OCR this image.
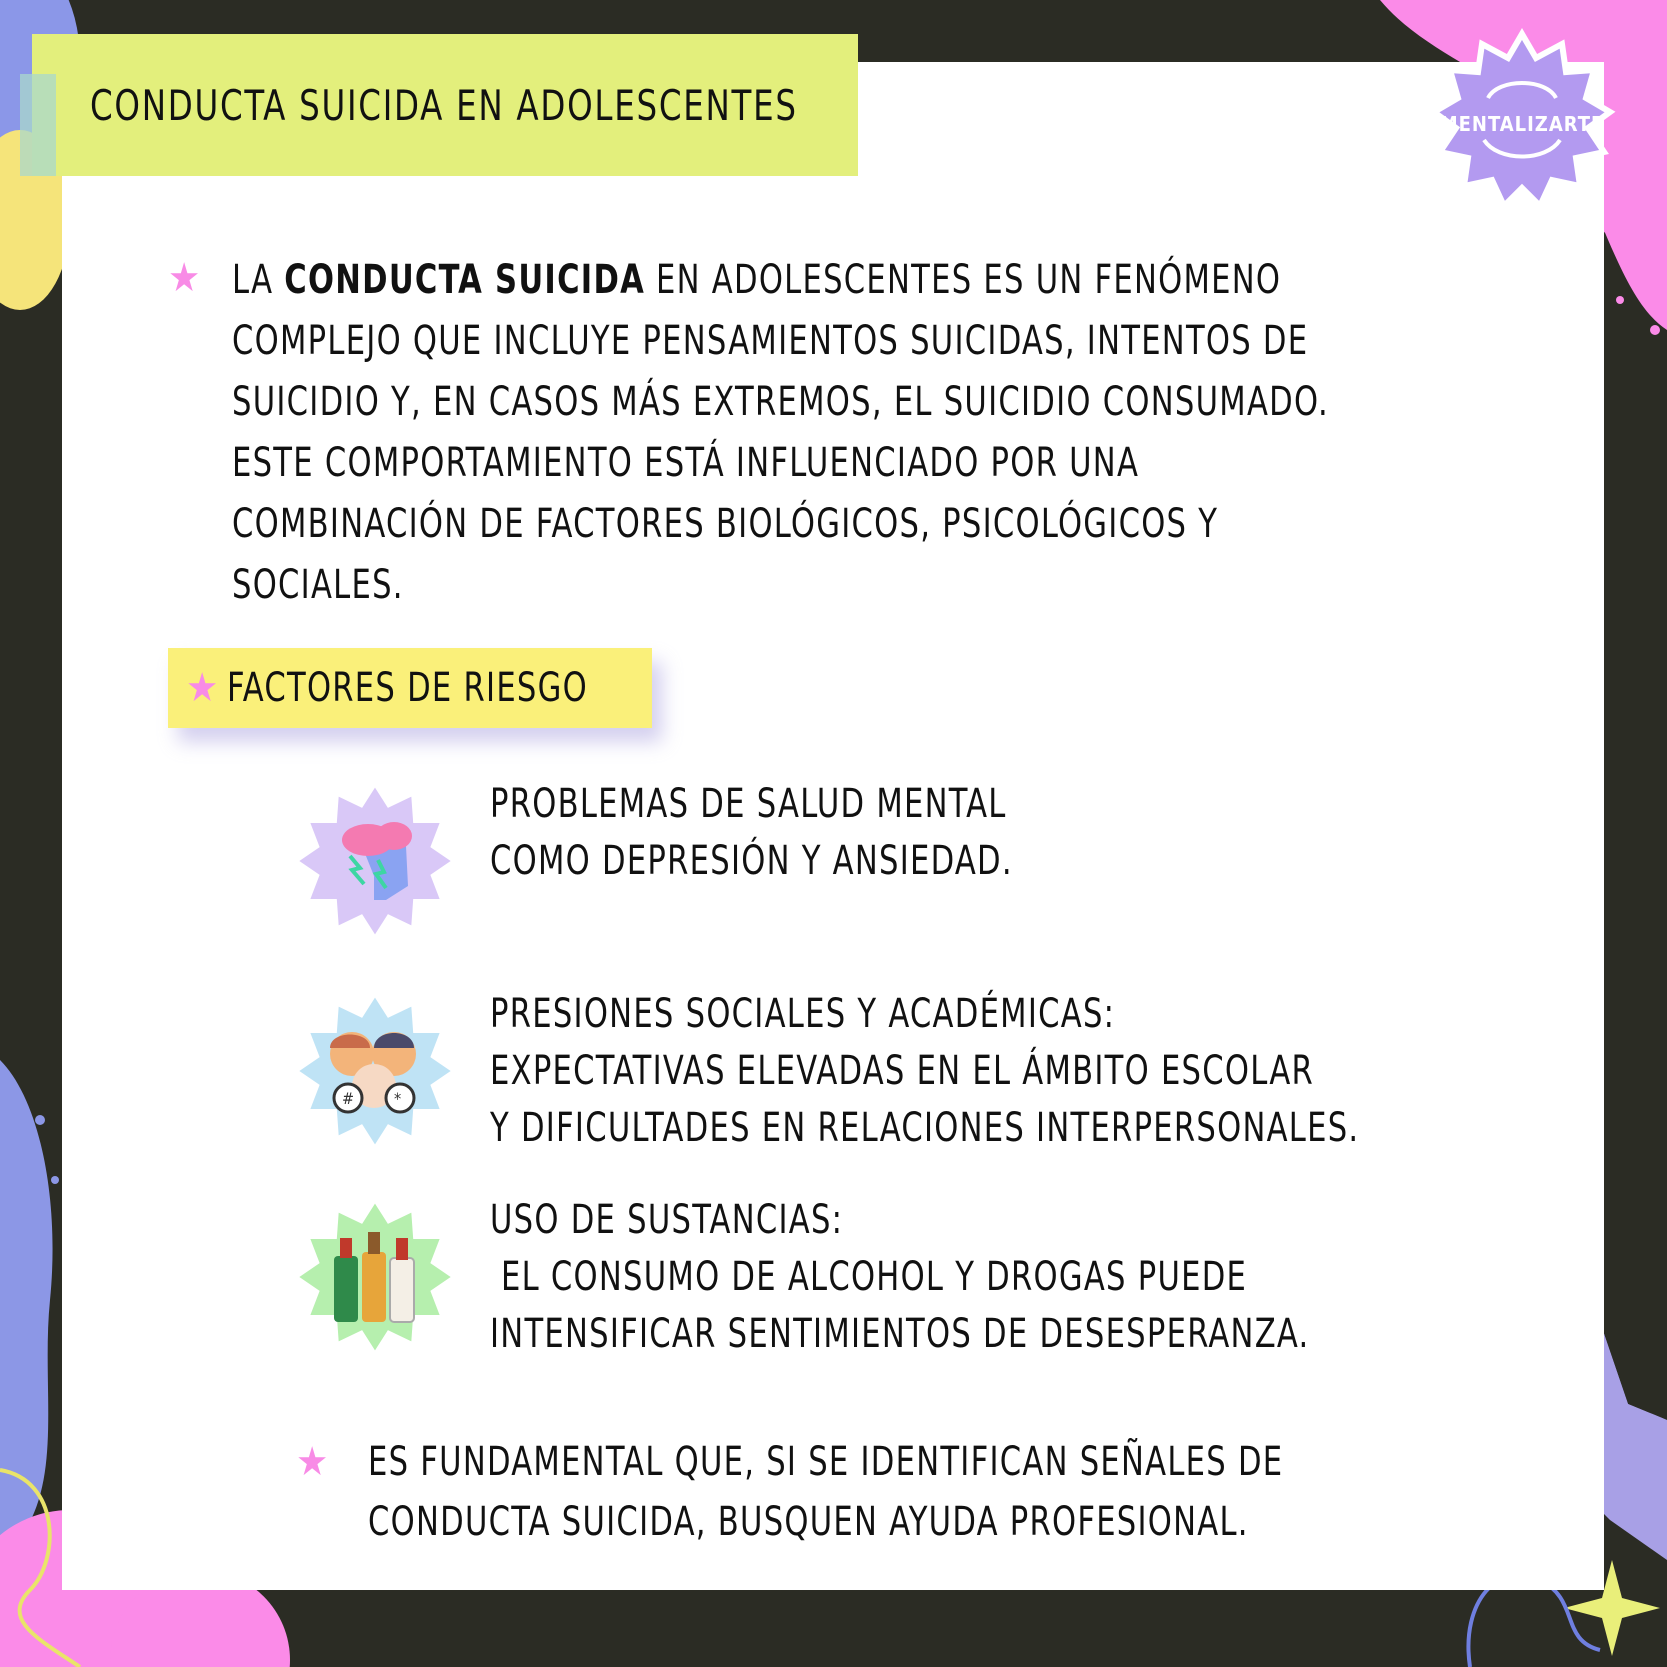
CONDUCTA SUICIDA EN ADOLESCENTES	MENTALIZARTE
★ LA CONDUCTA SUICIDA EN ADOLESCENTES ES UN FENÓMENO COMPLEJO QUE INCLUYE PENSAMIENTOS SUICIDAS, INTENTOS DE SUICIDIO Y, EN CASOS MÁS EXTREMOS, EL SUICIDIO CONSUMADO. ESTE COMPORTAMIENTO ESTÁ INFLUENCIADO POR UNA COMBINACIÓN DE FACTORES BIOLÓGICOS, PSICOLÓGICOS Y SOCIALES.
★ FACTORES DE RIESGO
PROBLEMAS DE SALUD MENTAL
COMO DEPRESIÓN Y ANSIEDAD.
# *
PRESIONES SOCIALES Y ACADÉMICAS:
EXPECTATIVAS ELEVADAS EN EL ÁMBITO ESCOLAR
Y DIFICULTADES EN RELACIONES INTERPERSONALES.
USO DE SUSTANCIAS:
EL CONSUMO DE ALCOHOL Y DROGAS PUEDE
INTENSIFICAR SENTIMIENTOS DE DESESPERANZA.
★ ES FUNDAMENTAL QUE, SI SE IDENTIFICAN SEÑALES DE
CONDUCTA SUICIDA, BUSQUEN AYUDA PROFESIONAL.
